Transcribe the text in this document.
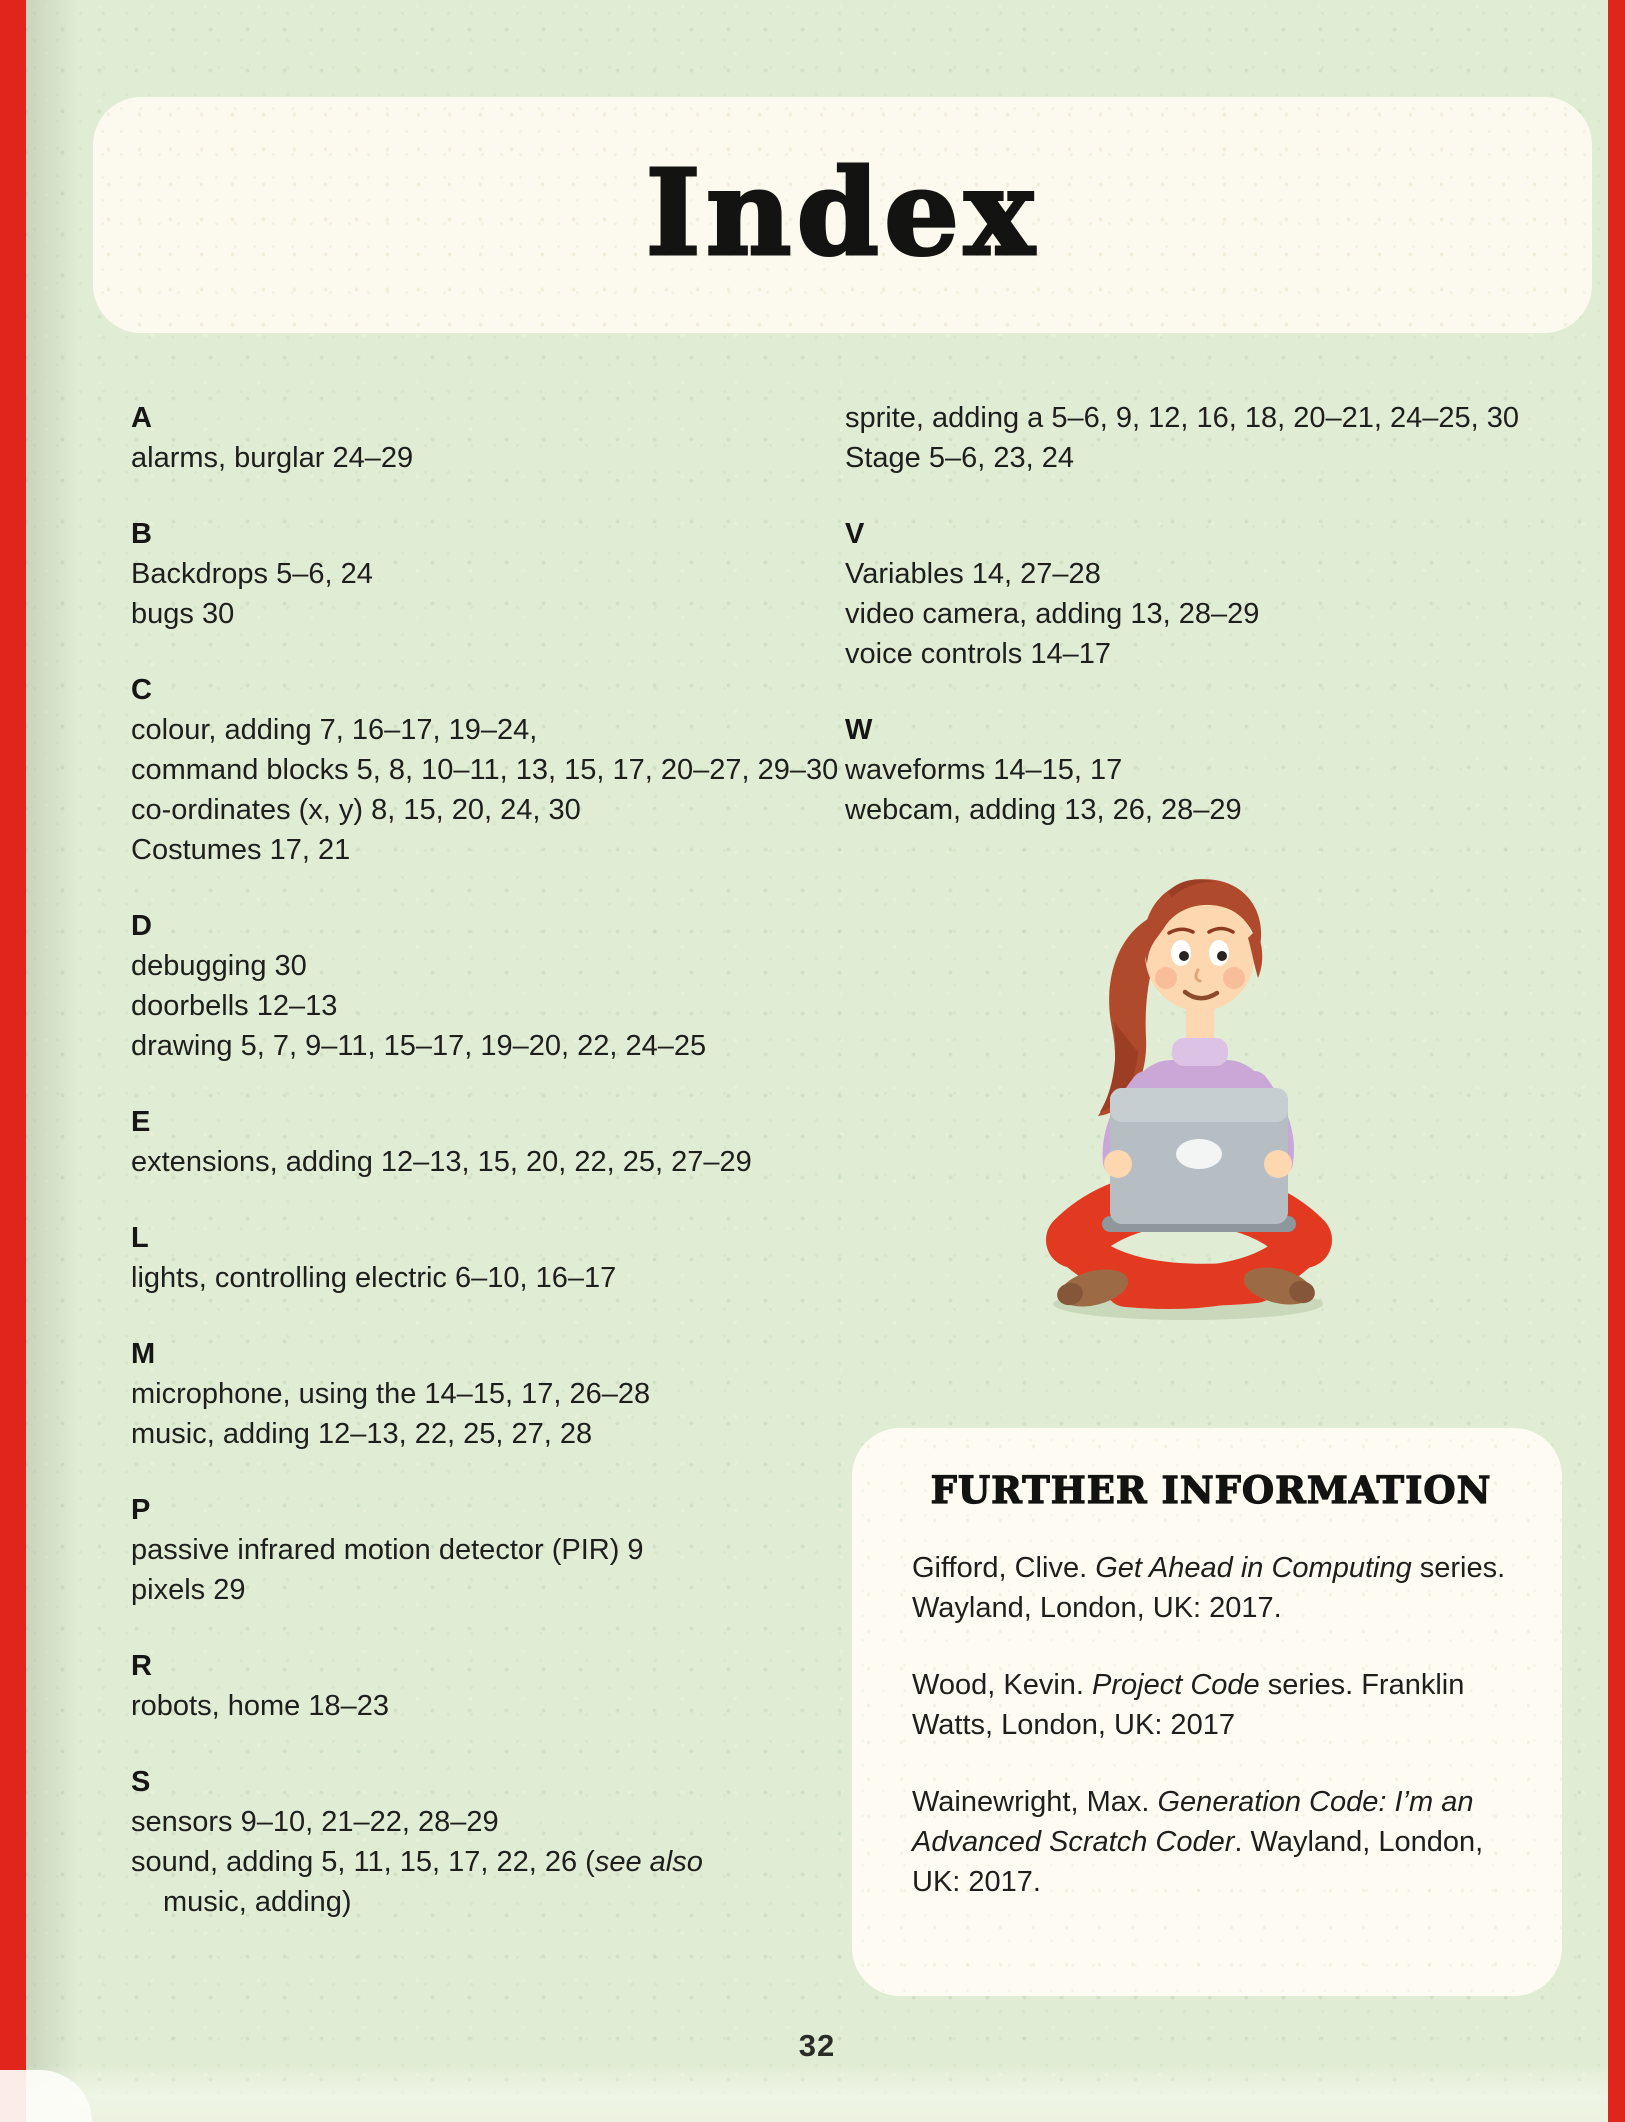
Index
A
alarms, burglar 24–29
B
Backdrops 5–6, 24
bugs 30
C
colour, adding 7, 16–17, 19–24,
command blocks 5, 8, 10–11, 13, 15, 17, 20–27, 29–30
co-ordinates (x, y) 8, 15, 20, 24, 30
Costumes 17, 21
D
debugging 30
doorbells 12–13
drawing 5, 7, 9–11, 15–17, 19–20, 22, 24–25
E
extensions, adding 12–13, 15, 20, 22, 25, 27–29
L
lights, controlling electric 6–10, 16–17
M
microphone, using the 14–15, 17, 26–28
music, adding 12–13, 22, 25, 27, 28
P
passive infrared motion detector (PIR) 9
pixels 29
R
robots, home 18–23
S
sensors 9–10, 21–22, 28–29
sound, adding 5, 11, 15, 17, 22, 26 (see also
music, adding)
sprite, adding a 5–6, 9, 12, 16, 18, 20–21, 24–25, 30
Stage 5–6, 23, 24
V
Variables 14, 27–28
video camera, adding 13, 28–29
voice controls 14–17
W
waveforms 14–15, 17
webcam, adding 13, 26, 28–29
FURTHER INFORMATION

Gifford, Clive. Get Ahead in Computing series. Wayland, London, UK: 2017.

Wood, Kevin. Project Code series. Franklin Watts, London, UK: 2017

Wainewright, Max. Generation Code: I’m an Advanced Scratch Coder. Wayland, London, UK: 2017.

32
